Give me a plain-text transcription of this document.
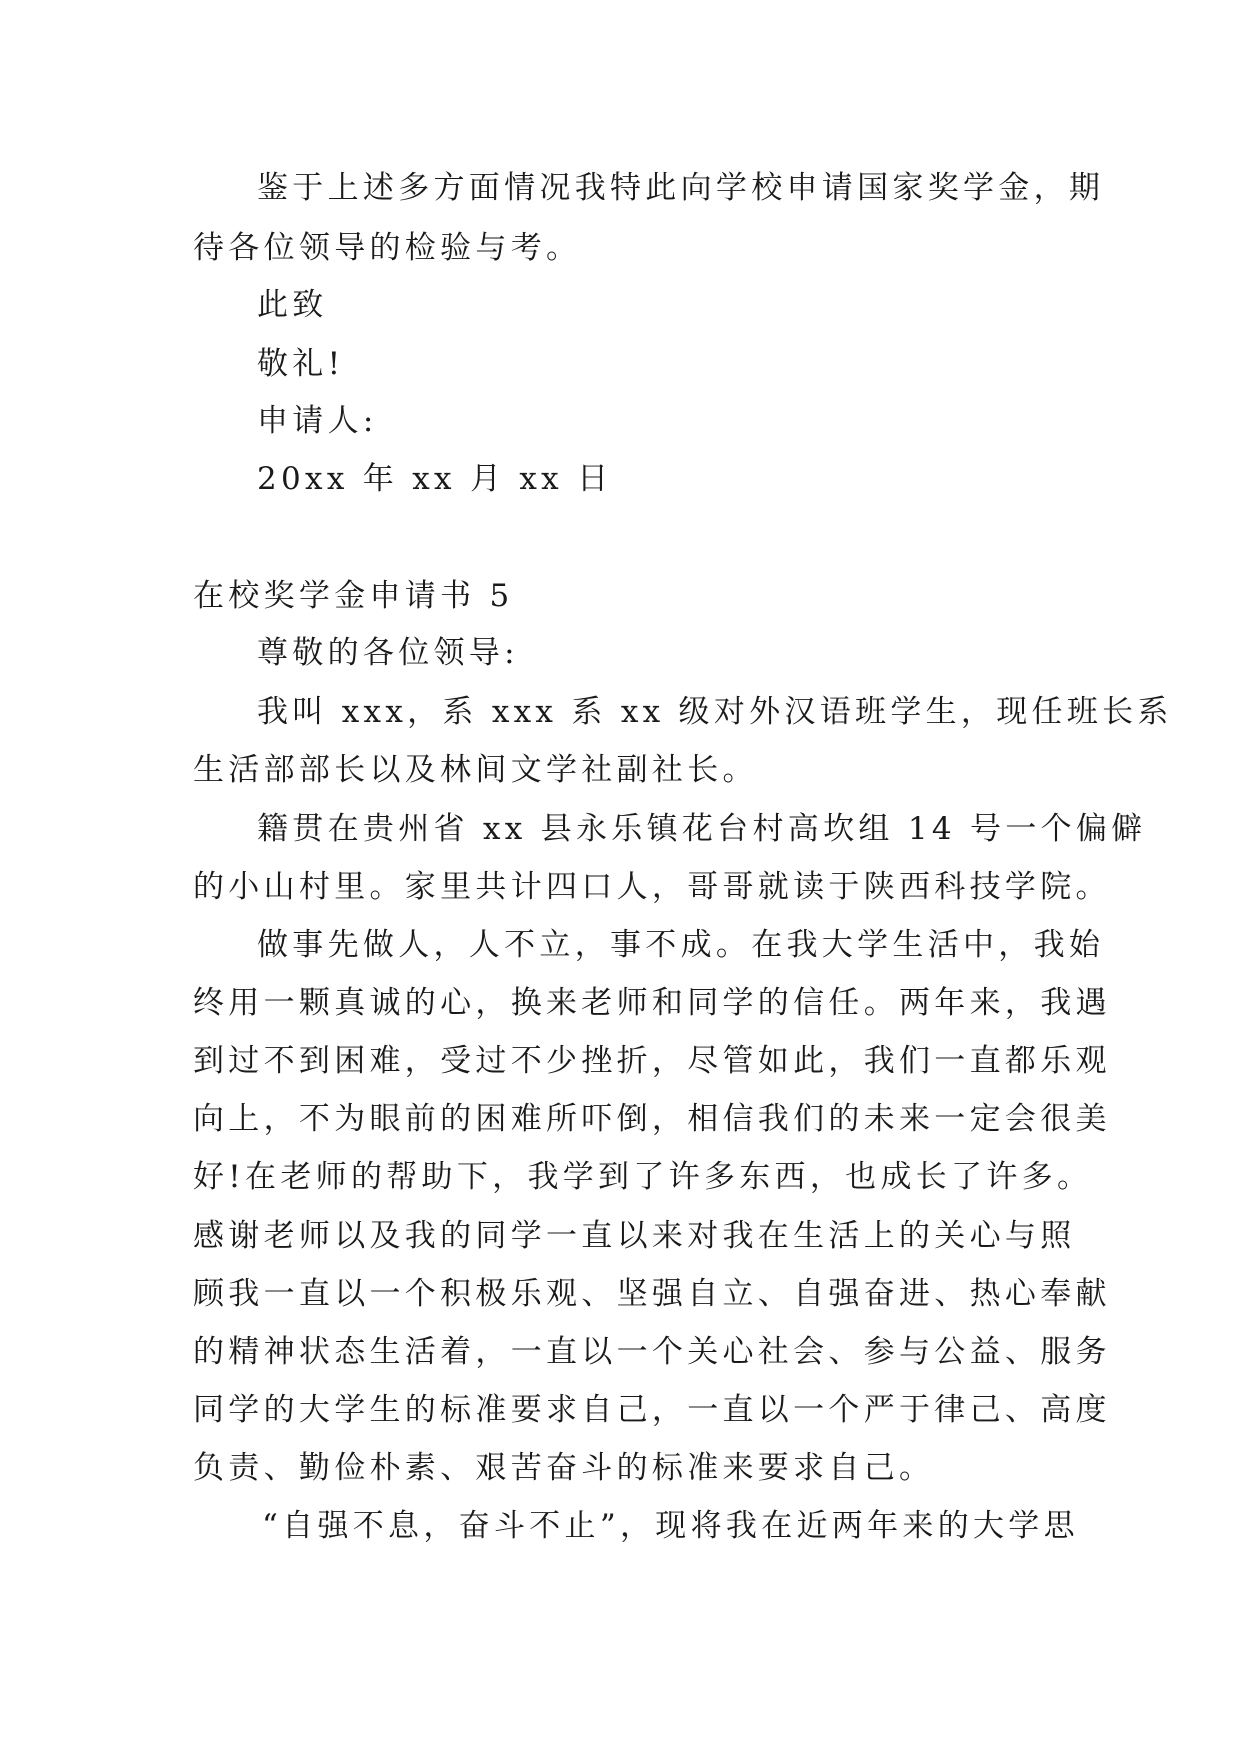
鉴于上述多方面情况我特此向学校申请国家奖学金，期
待各位领导的检验与考。
此致
敬礼!
申请人:
20xx 年 xx 月 xx 日
在校奖学金申请书 5
尊敬的各位领导:
我叫 xxx，系 xxx 系 xx 级对外汉语班学生，现任班长系
生活部部长以及林间文学社副社长。
籍贯在贵州省 xx 县永乐镇花台村高坎组 14 号一个偏僻
的小山村里。家里共计四口人，哥哥就读于陕西科技学院。
做事先做人，人不立，事不成。在我大学生活中，我始
终用一颗真诚的心，换来老师和同学的信任。两年来，我遇
到过不到困难，受过不少挫折，尽管如此，我们一直都乐观
向上，不为眼前的困难所吓倒，相信我们的未来一定会很美
好!在老师的帮助下，我学到了许多东西，也成长了许多。
感谢老师以及我的同学一直以来对我在生活上的关心与照
顾我一直以一个积极乐观、坚强自立、自强奋进、热心奉献
的精神状态生活着，一直以一个关心社会、参与公益、服务
同学的大学生的标准要求自己，一直以一个严于律己、高度
负责、勤俭朴素、艰苦奋斗的标准来要求自己。
“自强不息，奋斗不止”，现将我在近两年来的大学思
